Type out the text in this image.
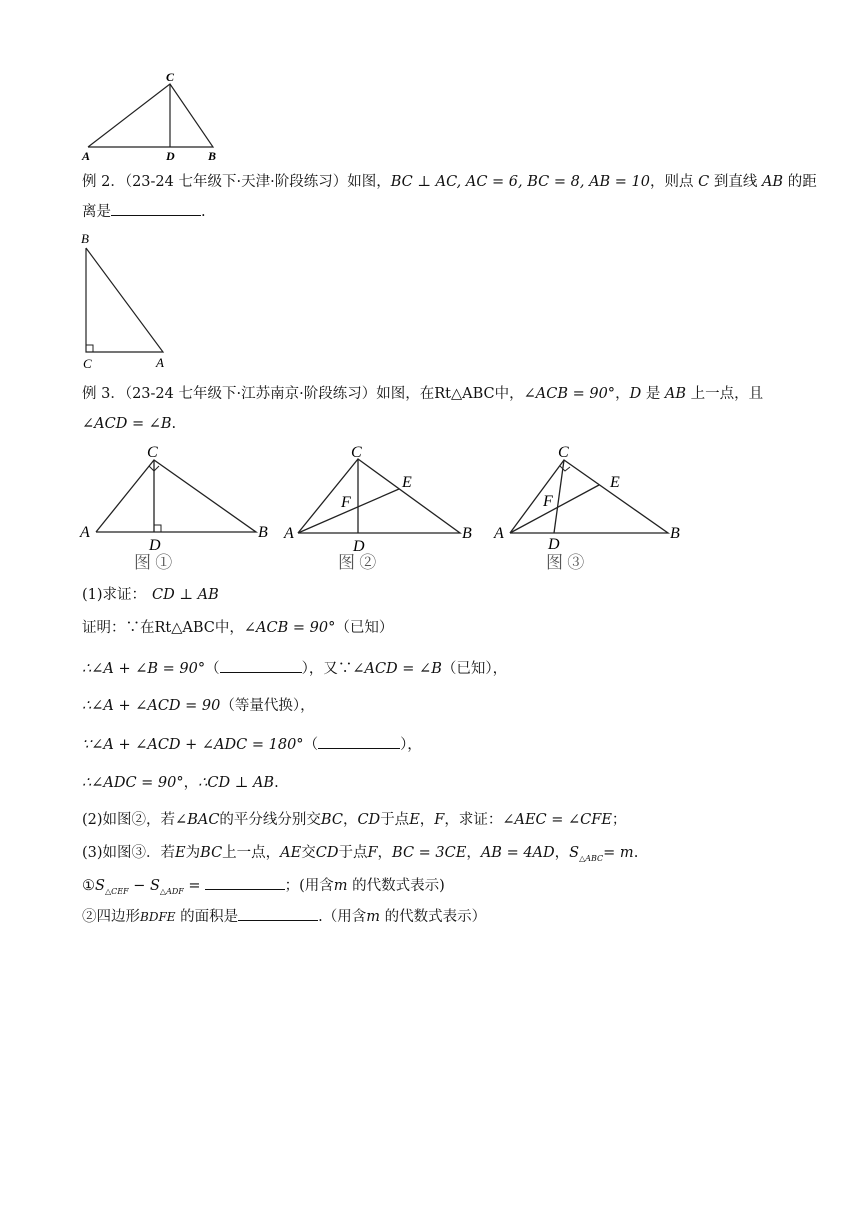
C
A	D	B
例 2．（23-24 七年级下·天津·阶段练习）如图，BC ⊥ AC, AC = 6, BC = 8, AB = 10，则点 C 到直线 AB 的距
离是	.
B
C	A
例 3．（23-24 七年级下·江苏南京·阶段练习）如图，在Rt△ABC中，∠ACB = 90°，D 是 AB 上一点，且
∠ACD = ∠B.
C
A
D
B
图 ①
C
E
F
A
D
B
图 ②
C
E
F
A
D
B
图 ③
(1)求证： CD ⊥ AB
证明：∵在Rt△ABC中，∠ACB = 90°（已知）
∴∠A + ∠B = 90°（	），又∵∠ACD = ∠B（已知），
∴∠A + ∠ACD = 90（等量代换），
∵∠A + ∠ACD + ∠ADC = 180°（	），
∴∠ADC = 90°，∴CD ⊥ AB.
(2)如图②，若∠BAC的平分线分别交BC，CD于点E，F，求证：∠AEC = ∠CFE；
(3)如图③．若E为BC上一点，AE交CD于点F，BC = 3CE，AB = 4AD，$S_{\triangle ABC}= m$.
$①S_{\triangle CEF} - S_{\triangle ADF}$ =	；(用含m 的代数式表示)
②四边形BDFE 的面积是	.（用含m 的代数式表示）
